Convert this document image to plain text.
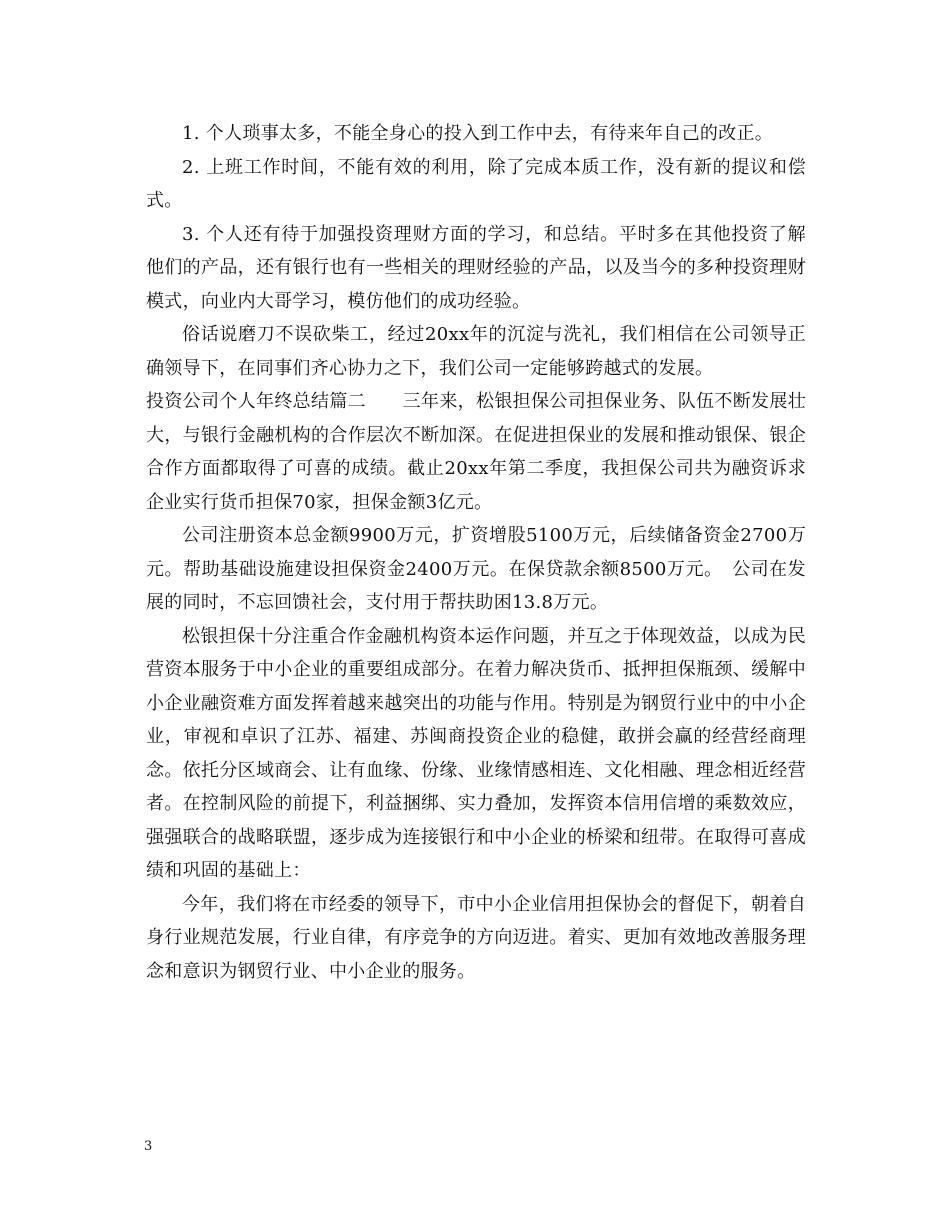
1. 个人琐事太多，不能全身心的投入到工作中去，有待来年自己的改正。

2. 上班工作时间，不能有效的利用，除了完成本质工作，没有新的提议和偿式。

3. 个人还有待于加强投资理财方面的学习，和总结。平时多在其他投资了解他们的产品，还有银行也有一些相关的理财经验的产品，以及当今的多种投资理财模式，向业内大哥学习，模仿他们的成功经验。

俗话说磨刀不误砍柴工，经过20xx年的沉淀与洗礼，我们相信在公司领导正确领导下，在同事们齐心协力之下，我们公司一定能够跨越式的发展。

投资公司个人年终总结篇二　　三年来，松银担保公司担保业务、队伍不断发展壮大，与银行金融机构的合作层次不断加深。在促进担保业的发展和推动银保、银企合作方面都取得了可喜的成绩。截止20xx年第二季度，我担保公司共为融资诉求企业实行货币担保70家，担保金额3亿元。

公司注册资本总金额9900万元，扩资增股5100万元，后续储备资金2700万元。帮助基础设施建设担保资金2400万元。在保贷款余额8500万元。　公司在发展的同时，不忘回馈社会，支付用于帮扶助困13.8万元。

松银担保十分注重合作金融机构资本运作问题，并互之于体现效益，以成为民营资本服务于中小企业的重要组成部分。在着力解决货币、抵押担保瓶颈、缓解中小企业融资难方面发挥着越来越突出的功能与作用。特别是为钢贸行业中的中小企业，审视和卓识了江苏、福建、苏闽商投资企业的稳健，敢拼会赢的经营经商理念。依托分区域商会、让有血缘、份缘、业缘情感相连、文化相融、理念相近经营者。在控制风险的前提下，利益捆绑、实力叠加，发挥资本信用信增的乘数效应，强强联合的战略联盟，逐步成为连接银行和中小企业的桥梁和纽带。在取得可喜成绩和巩固的基础上：

今年，我们将在市经委的领导下，市中小企业信用担保协会的督促下，朝着自身行业规范发展，行业自律，有序竞争的方向迈进。着实、更加有效地改善服务理念和意识为钢贸行业、中小企业的服务。

3
